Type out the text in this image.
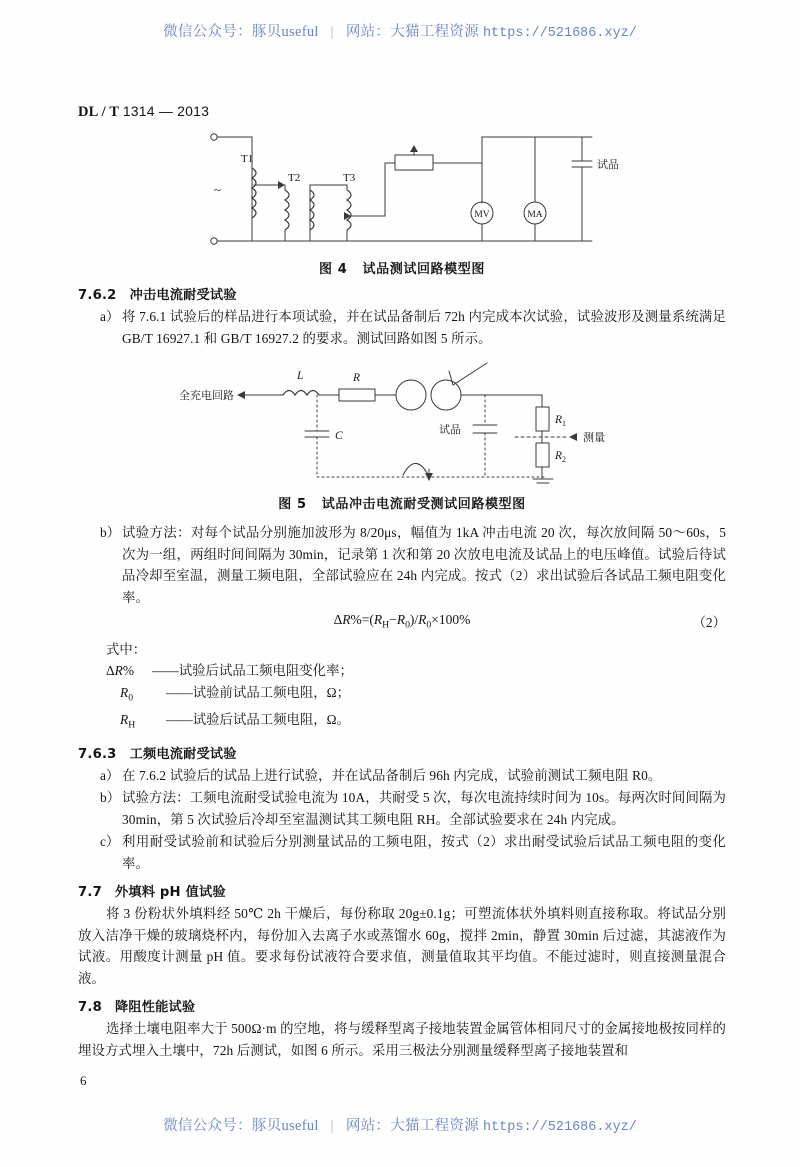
微信公众号：豚贝useful | 网站：大猫工程资源 https://521686.xyz/
DL / T 1314 — 2013
T1
T2	T3
~
MV	MA
试品
图 4 试品测试回路模型图
7.6.2 冲击电流耐受试验
a） 将 7.6.1 试验后的样品进行本项试验，并在试品备制后 72h 内完成本次试验，试验波形及测量系统满足 GB/T 16927.1 和 GB/T 16927.2 的要求。测试回路如图 5 所示。
全充电回路
L	R
C	试品
$R_1$
$R_2$
测量
图 5 试品冲击电流耐受测试回路模型图
b） 试验方法：对每个试品分别施加波形为 8/20μs，幅值为 1kA 冲击电流 20 次，每次放间隔 50～60s，5 次为一组，两组时间间隔为 30min，记录第 1 次和第 20 次放电电流及试品上的电压峰值。试验后待试品冷却至室温，测量工频电阻，全部试验应在 24h 内完成。按式（2）求出试验后各试品工频电阻变化率。
$\Delta R\%=(R_H-R_0)/R_0\times 100\%$	（2）
式中：
ΔR%	—— 试验后试品工频电阻变化率；
$R_0$	—— 试验前试品工频电阻，Ω；
$R_H$	—— 试验后试品工频电阻，Ω。
7.6.3 工频电流耐受试验
a） 在 7.6.2 试验后的试品上进行试验，并在试品备制后 96h 内完成，试验前测试工频电阻 R0。
b） 试验方法：工频电流耐受试验电流为 10A，共耐受 5 次，每次电流持续时间为 10s。每两次时间间隔为 30min，第 5 次试验后冷却至室温测试其工频电阻 RH。全部试验要求在 24h 内完成。
c） 利用耐受试验前和试验后分别测量试品的工频电阻，按式（2）求出耐受试验后试品工频电阻的变化率。
7.7 外填料 pH 值试验

将 3 份粉状外填料经 50℃ 2h 干燥后，每份称取 20g±0.1g；可塑流体状外填料则直接称取。将试品分别放入洁净干燥的玻璃烧杯内，每份加入去离子水或蒸馏水 60g，搅拌 2min，静置 30min 后过滤，其滤液作为试液。用酸度计测量 pH 值。要求每份试液符合要求值，测量值取其平均值。不能过滤时，则直接测量混合液。

7.8 降阻性能试验

选择土壤电阻率大于 500Ω·m 的空地，将与缓释型离子接地装置金属管体相同尺寸的金属接地极按同样的埋设方式埋入土壤中，72h 后测试，如图 6 所示。采用三极法分别测量缓释型离子接地装置和

6
微信公众号：豚贝useful | 网站：大猫工程资源 https://521686.xyz/
